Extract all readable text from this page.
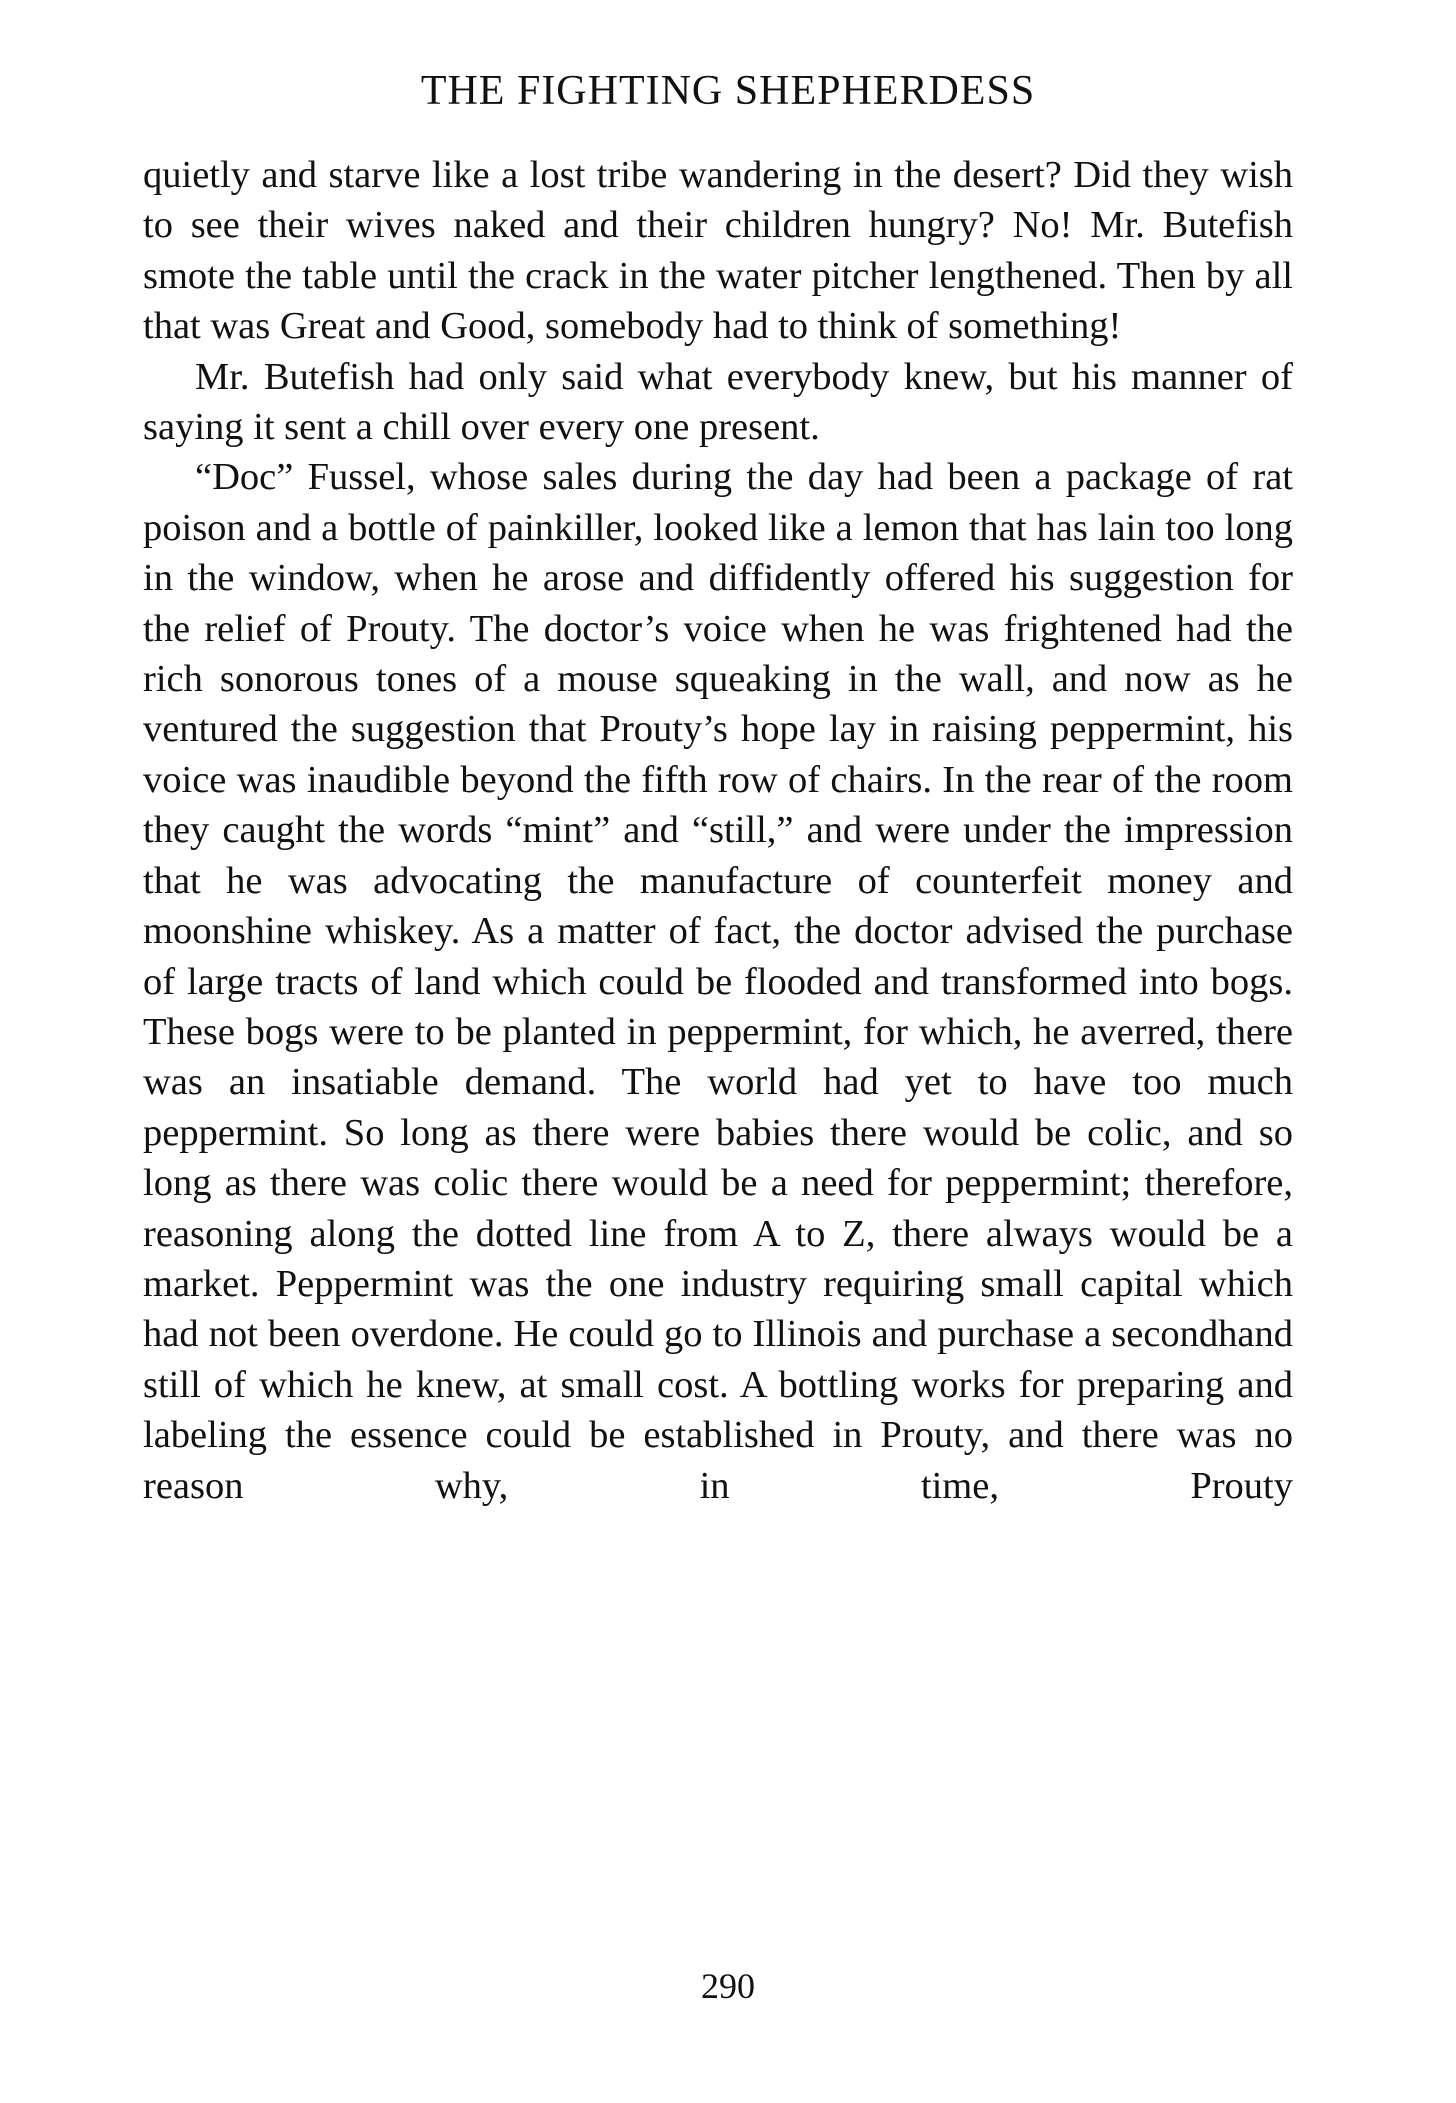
THE FIGHTING SHEPHERDESS

quietly and starve like a lost tribe wandering in the desert? Did they wish to see their wives naked and their children hungry? No! Mr. Butefish smote the table until the crack in the water pitcher lengthened. Then by all that was Great and Good, somebody had to think of something!

Mr. Butefish had only said what everybody knew, but his manner of saying it sent a chill over every one present.

“Doc” Fussel, whose sales during the day had been a package of rat poison and a bottle of painkiller, looked like a lemon that has lain too long in the window, when he arose and diffidently offered his suggestion for the relief of Prouty. The doctor’s voice when he was frightened had the rich sonorous tones of a mouse squeaking in the wall, and now as he ventured the suggestion that Prouty’s hope lay in raising peppermint, his voice was inaudible beyond the fifth row of chairs. In the rear of the room they caught the words “mint” and “still,” and were under the impression that he was advocating the manufacture of counterfeit money and moonshine whiskey. As a matter of fact, the doctor advised the purchase of large tracts of land which could be flooded and transformed into bogs. These bogs were to be planted in peppermint, for which, he averred, there was an insatiable demand. The world had yet to have too much peppermint. So long as there were babies there would be colic, and so long as there was colic there would be a need for peppermint; therefore, reasoning along the dotted line from A to Z, there always would be a market. Peppermint was the one industry requiring small capital which had not been overdone. He could go to Illinois and purchase a secondhand still of which he knew, at small cost. A bottling works for preparing and labeling the essence could be established in Prouty, and there was no reason why, in time, Prouty

290
